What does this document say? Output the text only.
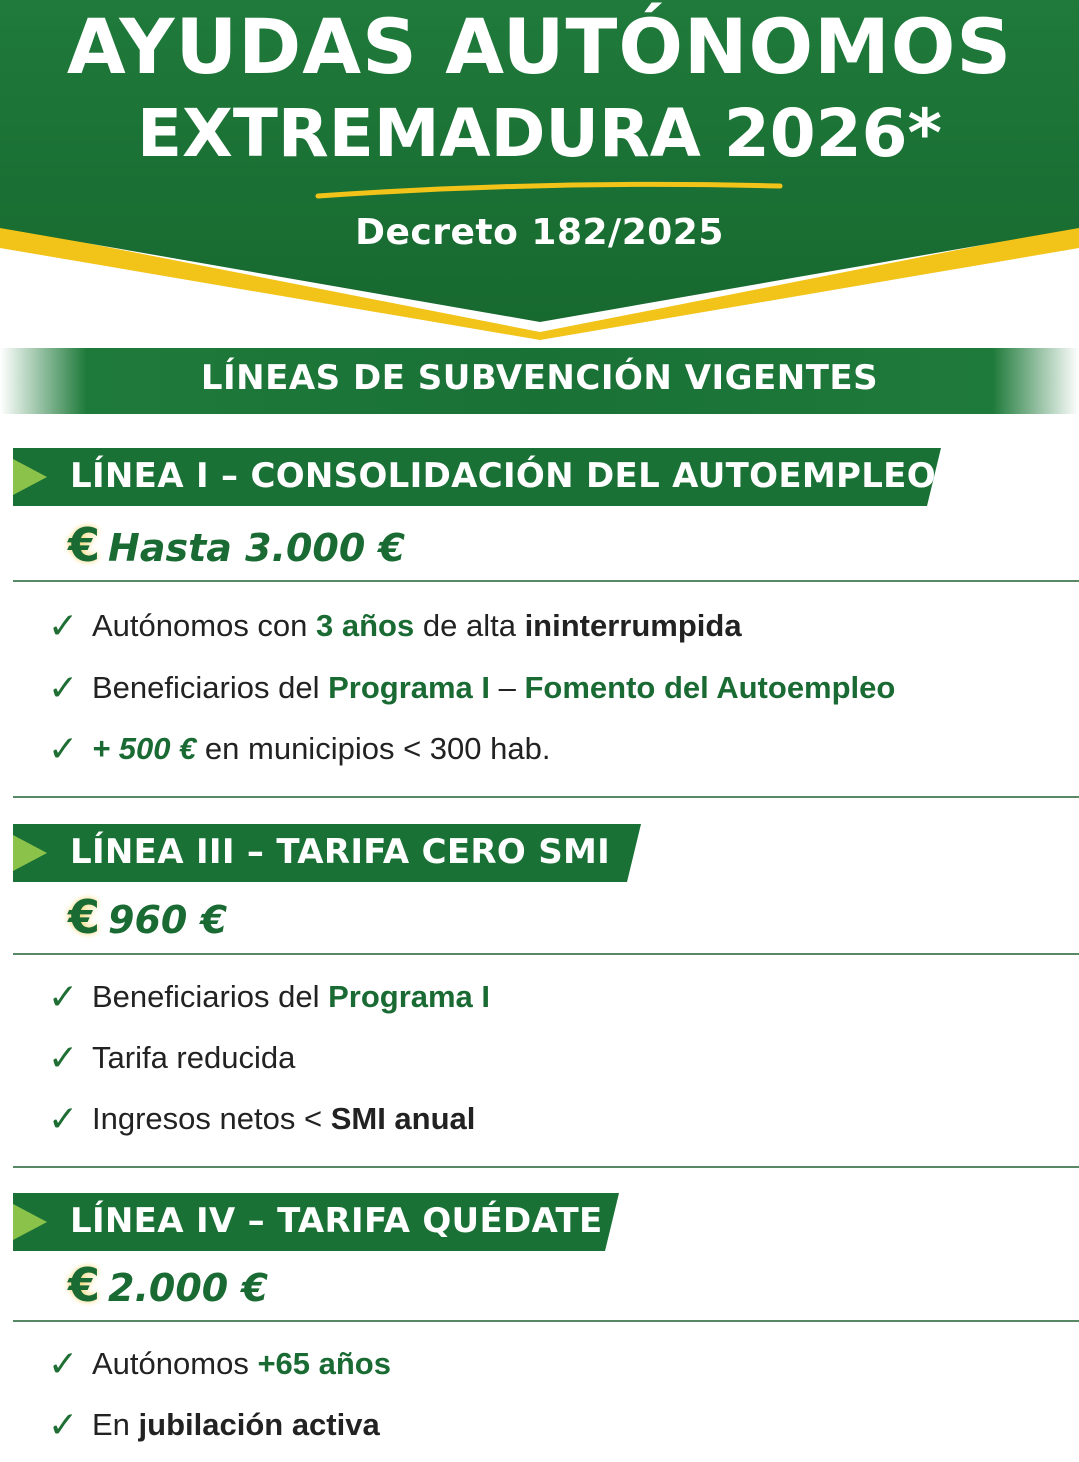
AYUDAS AUTÓNOMOS
EXTREMADURA 2026*
Decreto 182/2025
LÍNEAS DE SUBVENCIÓN VIGENTES
LÍNEA I – CONSOLIDACIÓN DEL AUTOEMPLEO
€ Hasta 3.000 €
✓ Autónomos con 3 años de alta ininterrumpida
✓ Beneficiarios del Programa I – Fomento del Autoempleo
✓ + 500 € en municipios < 300 hab.
LÍNEA III – TARIFA CERO SMI
€ 960 €
✓ Beneficiarios del Programa I
✓ Tarifa reducida
✓ Ingresos netos < SMI anual
LÍNEA IV – TARIFA QUÉDATE
€ 2.000 €
✓ Autónomos +65 años
✓ En jubilación activa
